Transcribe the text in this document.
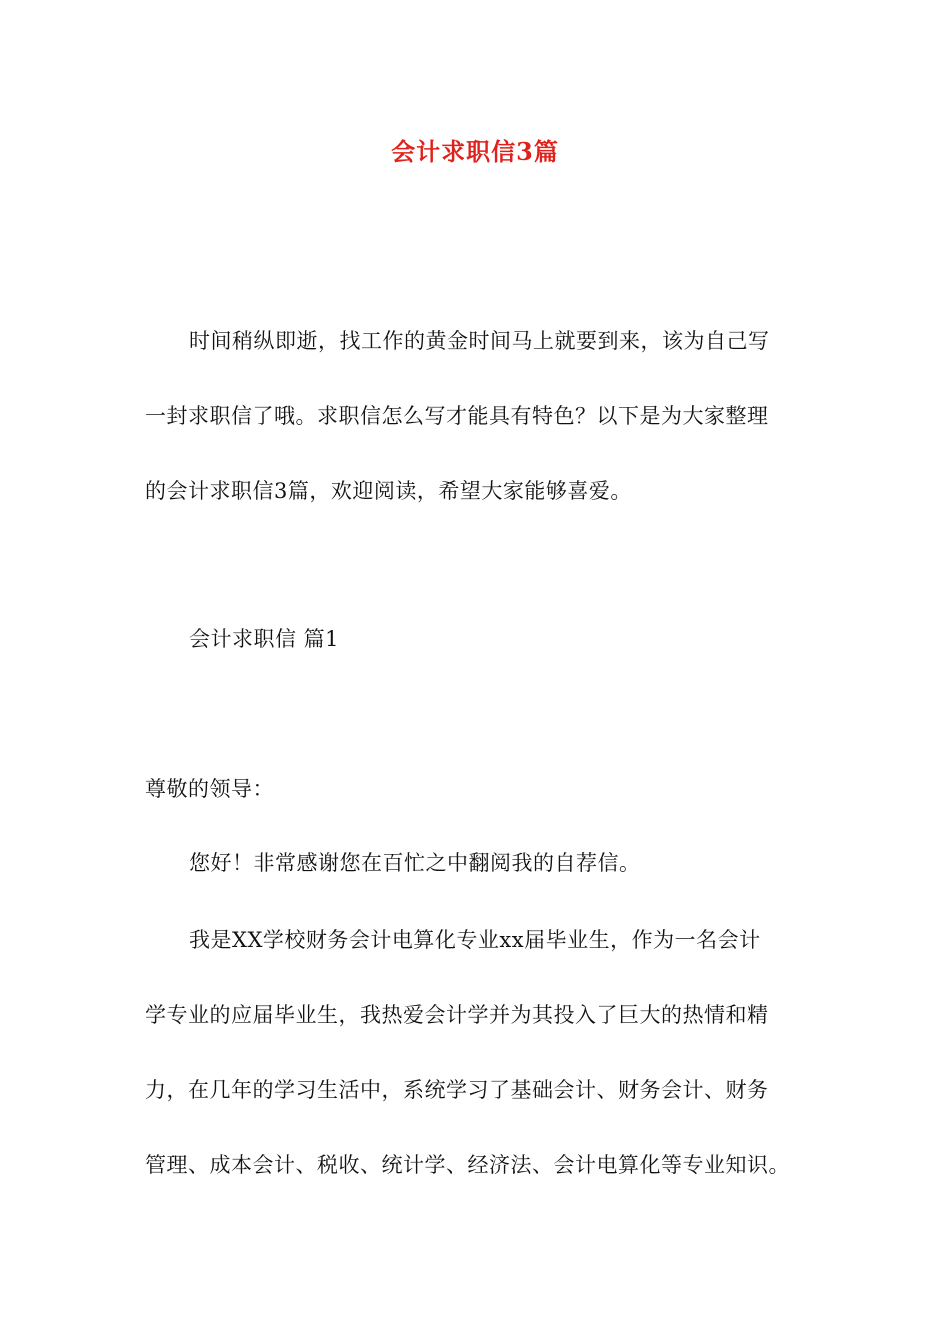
会计求职信3篇
时间稍纵即逝，找工作的黄金时间马上就要到来，该为自己写
一封求职信了哦。求职信怎么写才能具有特色？以下是为大家整理
的会计求职信3篇，欢迎阅读，希望大家能够喜爱。
会计求职信 篇1
尊敬的领导：
您好！非常感谢您在百忙之中翻阅我的自荐信。
我是XX学校财务会计电算化专业xx届毕业生，作为一名会计
学专业的应届毕业生，我热爱会计学并为其投入了巨大的热情和精
力，在几年的学习生活中，系统学习了基础会计、财务会计、财务
管理、成本会计、税收、统计学、经济法、会计电算化等专业知识。
